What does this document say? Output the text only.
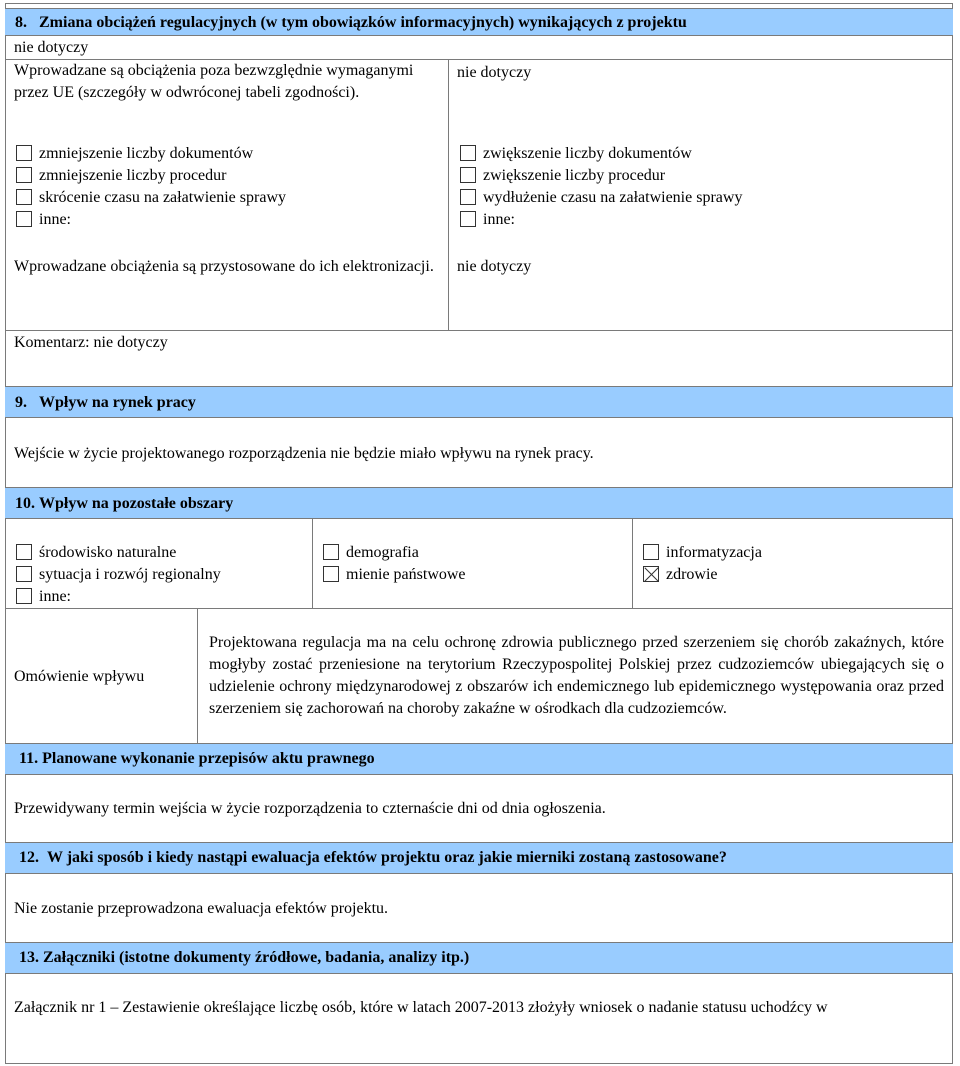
8.   Zmiana obciążeń regulacyjnych (w tym obowiązków informacyjnych) wynikających z projektu
nie dotyczy
Wprowadzane są obciążenia poza bezwzględnie wymaganymi przez UE (szczegóły w odwróconej tabeli zgodności).
nie dotyczy
zmniejszenie liczby dokumentów
zmniejszenie liczby procedur
skrócenie czasu na załatwienie sprawy
inne:
zwiększenie liczby dokumentów
zwiększenie liczby procedur
wydłużenie czasu na załatwienie sprawy
inne:
Wprowadzane obciążenia są przystosowane do ich elektronizacji. nie dotyczy
Komentarz: nie dotyczy
9.   Wpływ na rynek pracy
Wejście w życie projektowanego rozporządzenia nie będzie miało wpływu na rynek pracy.
10. Wpływ na pozostałe obszary
środowisko naturalne
sytuacja i rozwój regionalny
inne:
demografia
mienie państwowe
informatyzacja
zdrowie
Omówienie wpływu
Projektowana regulacja ma na celu ochronę zdrowia publicznego przed szerzeniem się chorób zakaźnych, które mogłyby zostać przeniesione na terytorium Rzeczypospolitej Polskiej przez cudzoziemców ubiegających się o udzielenie ochrony międzynarodowej z obszarów ich endemicznego lub epidemicznego występowania oraz przed szerzeniem się zachorowań na choroby zakaźne w ośrodkach dla cudzoziemców.
11. Planowane wykonanie przepisów aktu prawnego
Przewidywany termin wejścia w życie rozporządzenia to czternaście dni od dnia ogłoszenia.
12.  W jaki sposób i kiedy nastąpi ewaluacja efektów projektu oraz jakie mierniki zostaną zastosowane?
Nie zostanie przeprowadzona ewaluacja efektów projektu.
13. Załączniki (istotne dokumenty źródłowe, badania, analizy itp.)
Załącznik nr 1 – Zestawienie określające liczbę osób, które w latach 2007-2013 złożyły wniosek o nadanie statusu uchodźcy w
